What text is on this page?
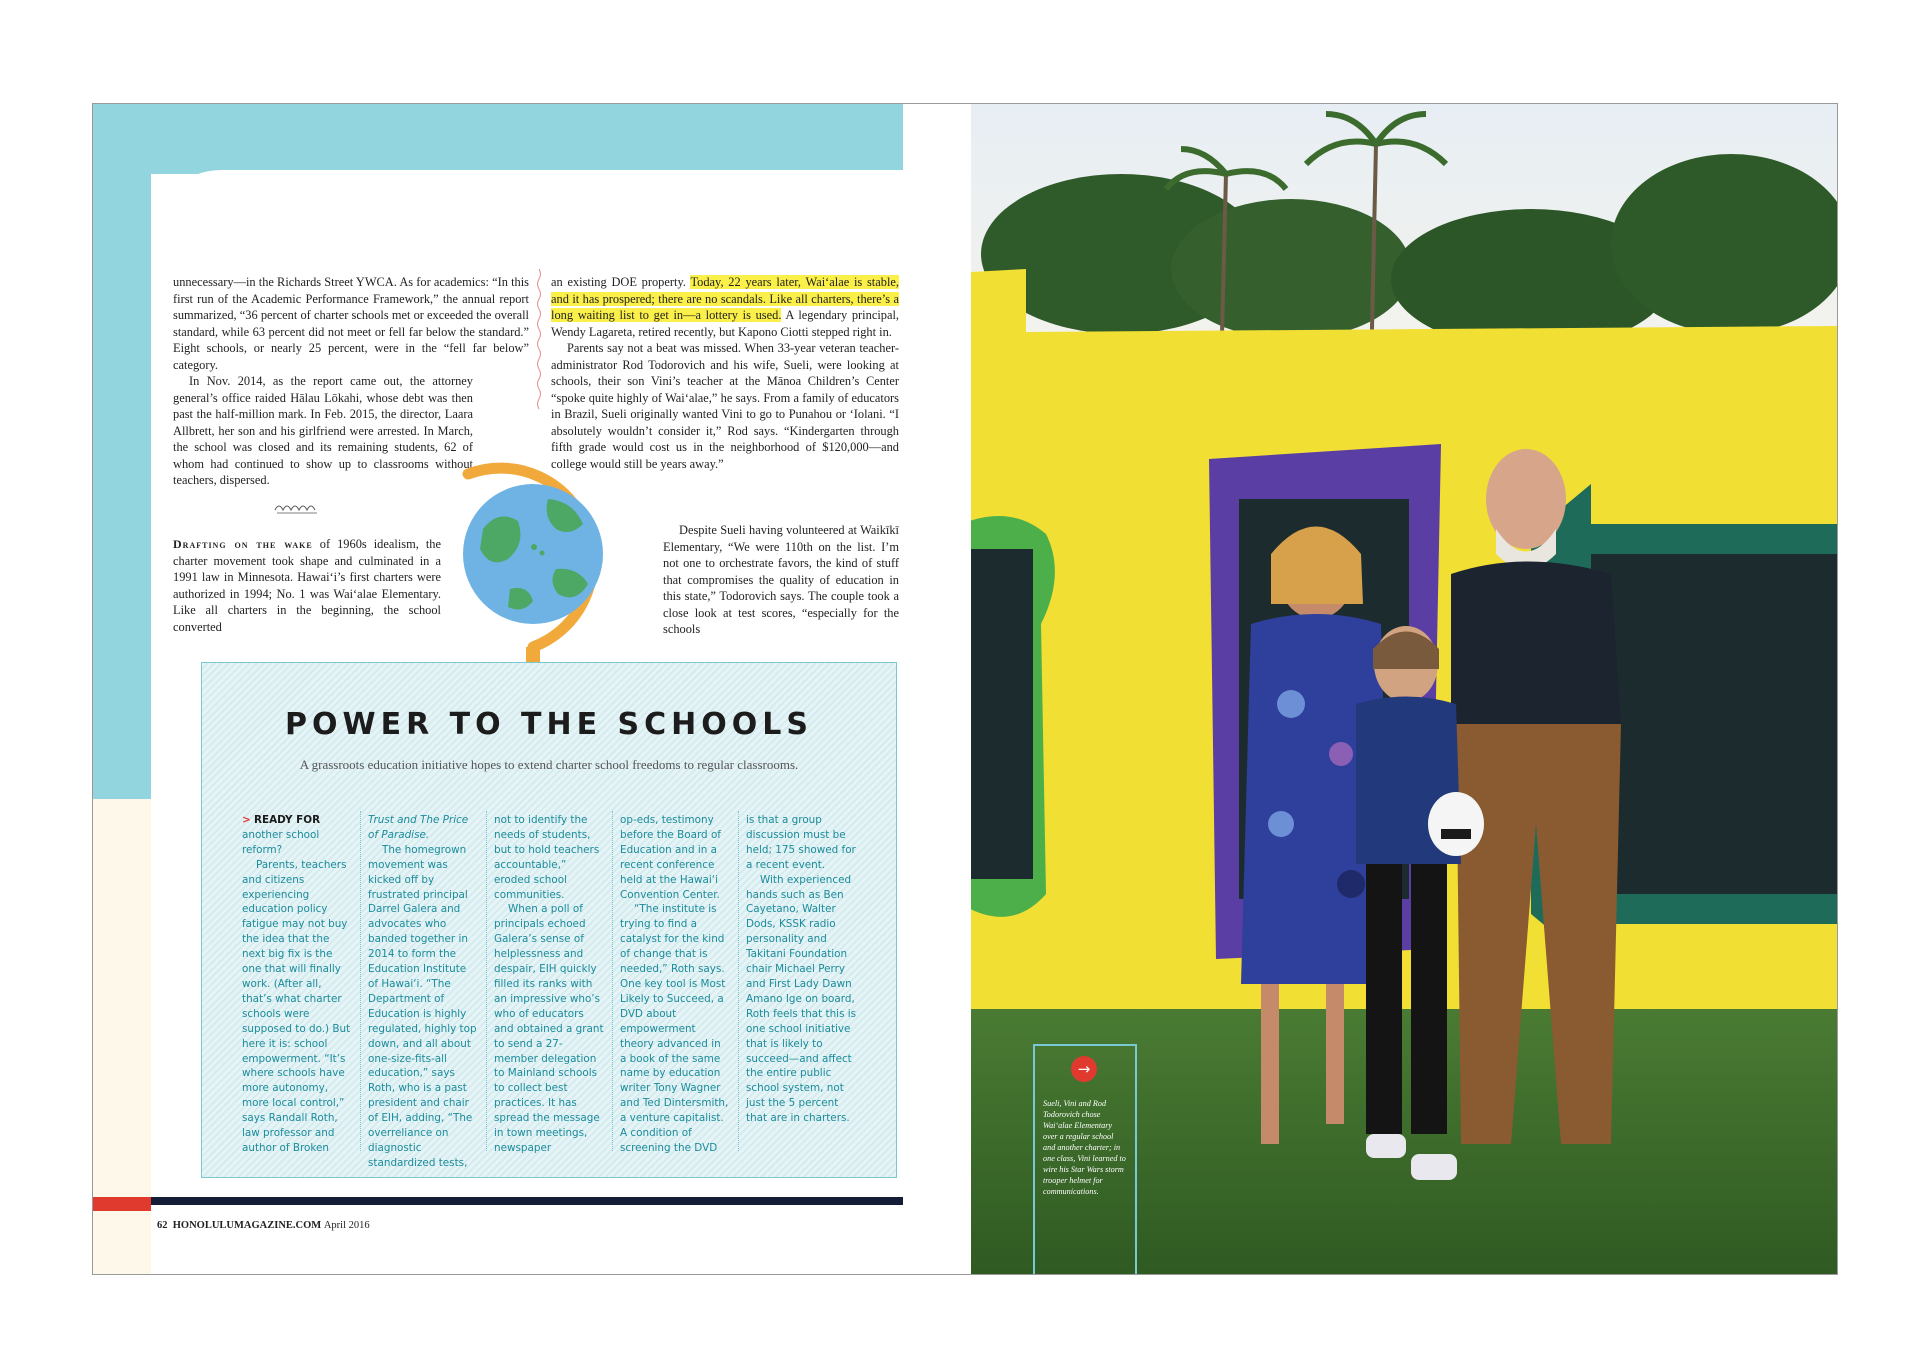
unnecessary—in the Richards Street YWCA. As for academics: “In this first run of the Academic Performance Framework,” the annual report summarized, “36 percent of charter schools met or exceeded the overall standard, while 63 percent did not meet or fell far below the standard.” Eight schools, or nearly 25 percent, were in the “fell far below” category.

In Nov. 2014, as the report came out, the attorney general’s office raided Hālau Lōkahi, whose debt was then past the half-million mark. In Feb. 2015, the director, Laara Allbrett, her son and his girlfriend were arrested. In March, the school was closed and its remaining students, 62 of whom had continued to show up to classrooms without teachers, dispersed.

Drafting on the wake of 1960s idealism, the charter movement took shape and culminated in a 1991 law in Minnesota. Hawai‘i’s first charters were authorized in 1994; No. 1 was Wai‘alae Elementary. Like all charters in the beginning, the school converted

an existing DOE property. Today, 22 years later, Wai‘alae is stable, and it has prospered; there are no scandals. Like all charters, there’s a long waiting list to get in—a lottery is used. A legendary principal, Wendy Lagareta, retired recently, but Kapono Ciotti stepped right in.

Parents say not a beat was missed. When 33-year veteran teacher-administrator Rod Todorovich and his wife, Sueli, were looking at schools, their son Vini’s teacher at the Mānoa Children’s Center “spoke quite highly of Wai‘alae,” he says. From a family of educators in Brazil, Sueli originally wanted Vini to go to Punahou or ‘Iolani. “I absolutely wouldn’t consider it,” Rod says. “Kindergarten through fifth grade would cost us in the neighborhood of $120,000—and college would still be years away.”

Despite Sueli having volunteered at Waikīkī Elementary, “We were 110th on the list. I’m not one to orchestrate favors, the kind of stuff that compromises the quality of education in this state,” Todorovich says. The couple took a close look at test scores, “especially for the schools

POWER TO THE SCHOOLS
A grassroots education initiative hopes to extend charter school freedoms to regular classrooms.

> READY FOR

another school reform?

Parents, teachers and citizens experiencing education policy fatigue may not buy the idea that the next big fix is the one that will finally work. (After all, that’s what charter schools were supposed to do.) But here it is: school empowerment. “It’s where schools have more autonomy, more local control,” says Randall Roth, law professor and author of Broken

Trust and The Price of Paradise.

The homegrown movement was kicked off by frustrated principal Darrel Galera and advocates who banded together in 2014 to form the Education Institute of Hawai‘i. “The Department of Education is highly regulated, highly top down, and all about one-size-fits-all education,” says Roth, who is a past president and chair of EIH, adding, “The overreliance on diagnostic standardized tests,

not to identify the needs of students, but to hold teachers accountable,” eroded school communities.

When a poll of principals echoed Galera’s sense of helplessness and despair, EIH quickly filled its ranks with an impressive who’s who of educators and obtained a grant to send a 27-member delegation to Mainland schools to collect best practices. It has spread the message in town meetings, newspaper

op-eds, testimony before the Board of Education and in a recent conference held at the Hawai‘i Convention Center.

“The institute is trying to find a catalyst for the kind of change that is needed,” Roth says. One key tool is Most Likely to Succeed, a DVD about empowerment theory advanced in a book of the same name by education writer Tony Wagner and Ted Dintersmith, a venture capitalist. A condition of screening the DVD

is that a group discussion must be held; 175 showed for a recent event.

With experienced hands such as Ben Cayetano, Walter Dods, KSSK radio personality and Takitani Foundation chair Michael Perry and First Lady Dawn Amano Ige on board, Roth feels that this is one school initiative that is likely to succeed—and affect the entire public school system, not just the 5 percent that are in charters.

62 HONOLULUMAGAZINE.COM April 2016
→
Sueli, Vini and Rod Todorovich chose Wai‘alae Elementary over a regular school and another charter; in one class, Vini learned to wire his Star Wars storm trooper helmet for communications.
